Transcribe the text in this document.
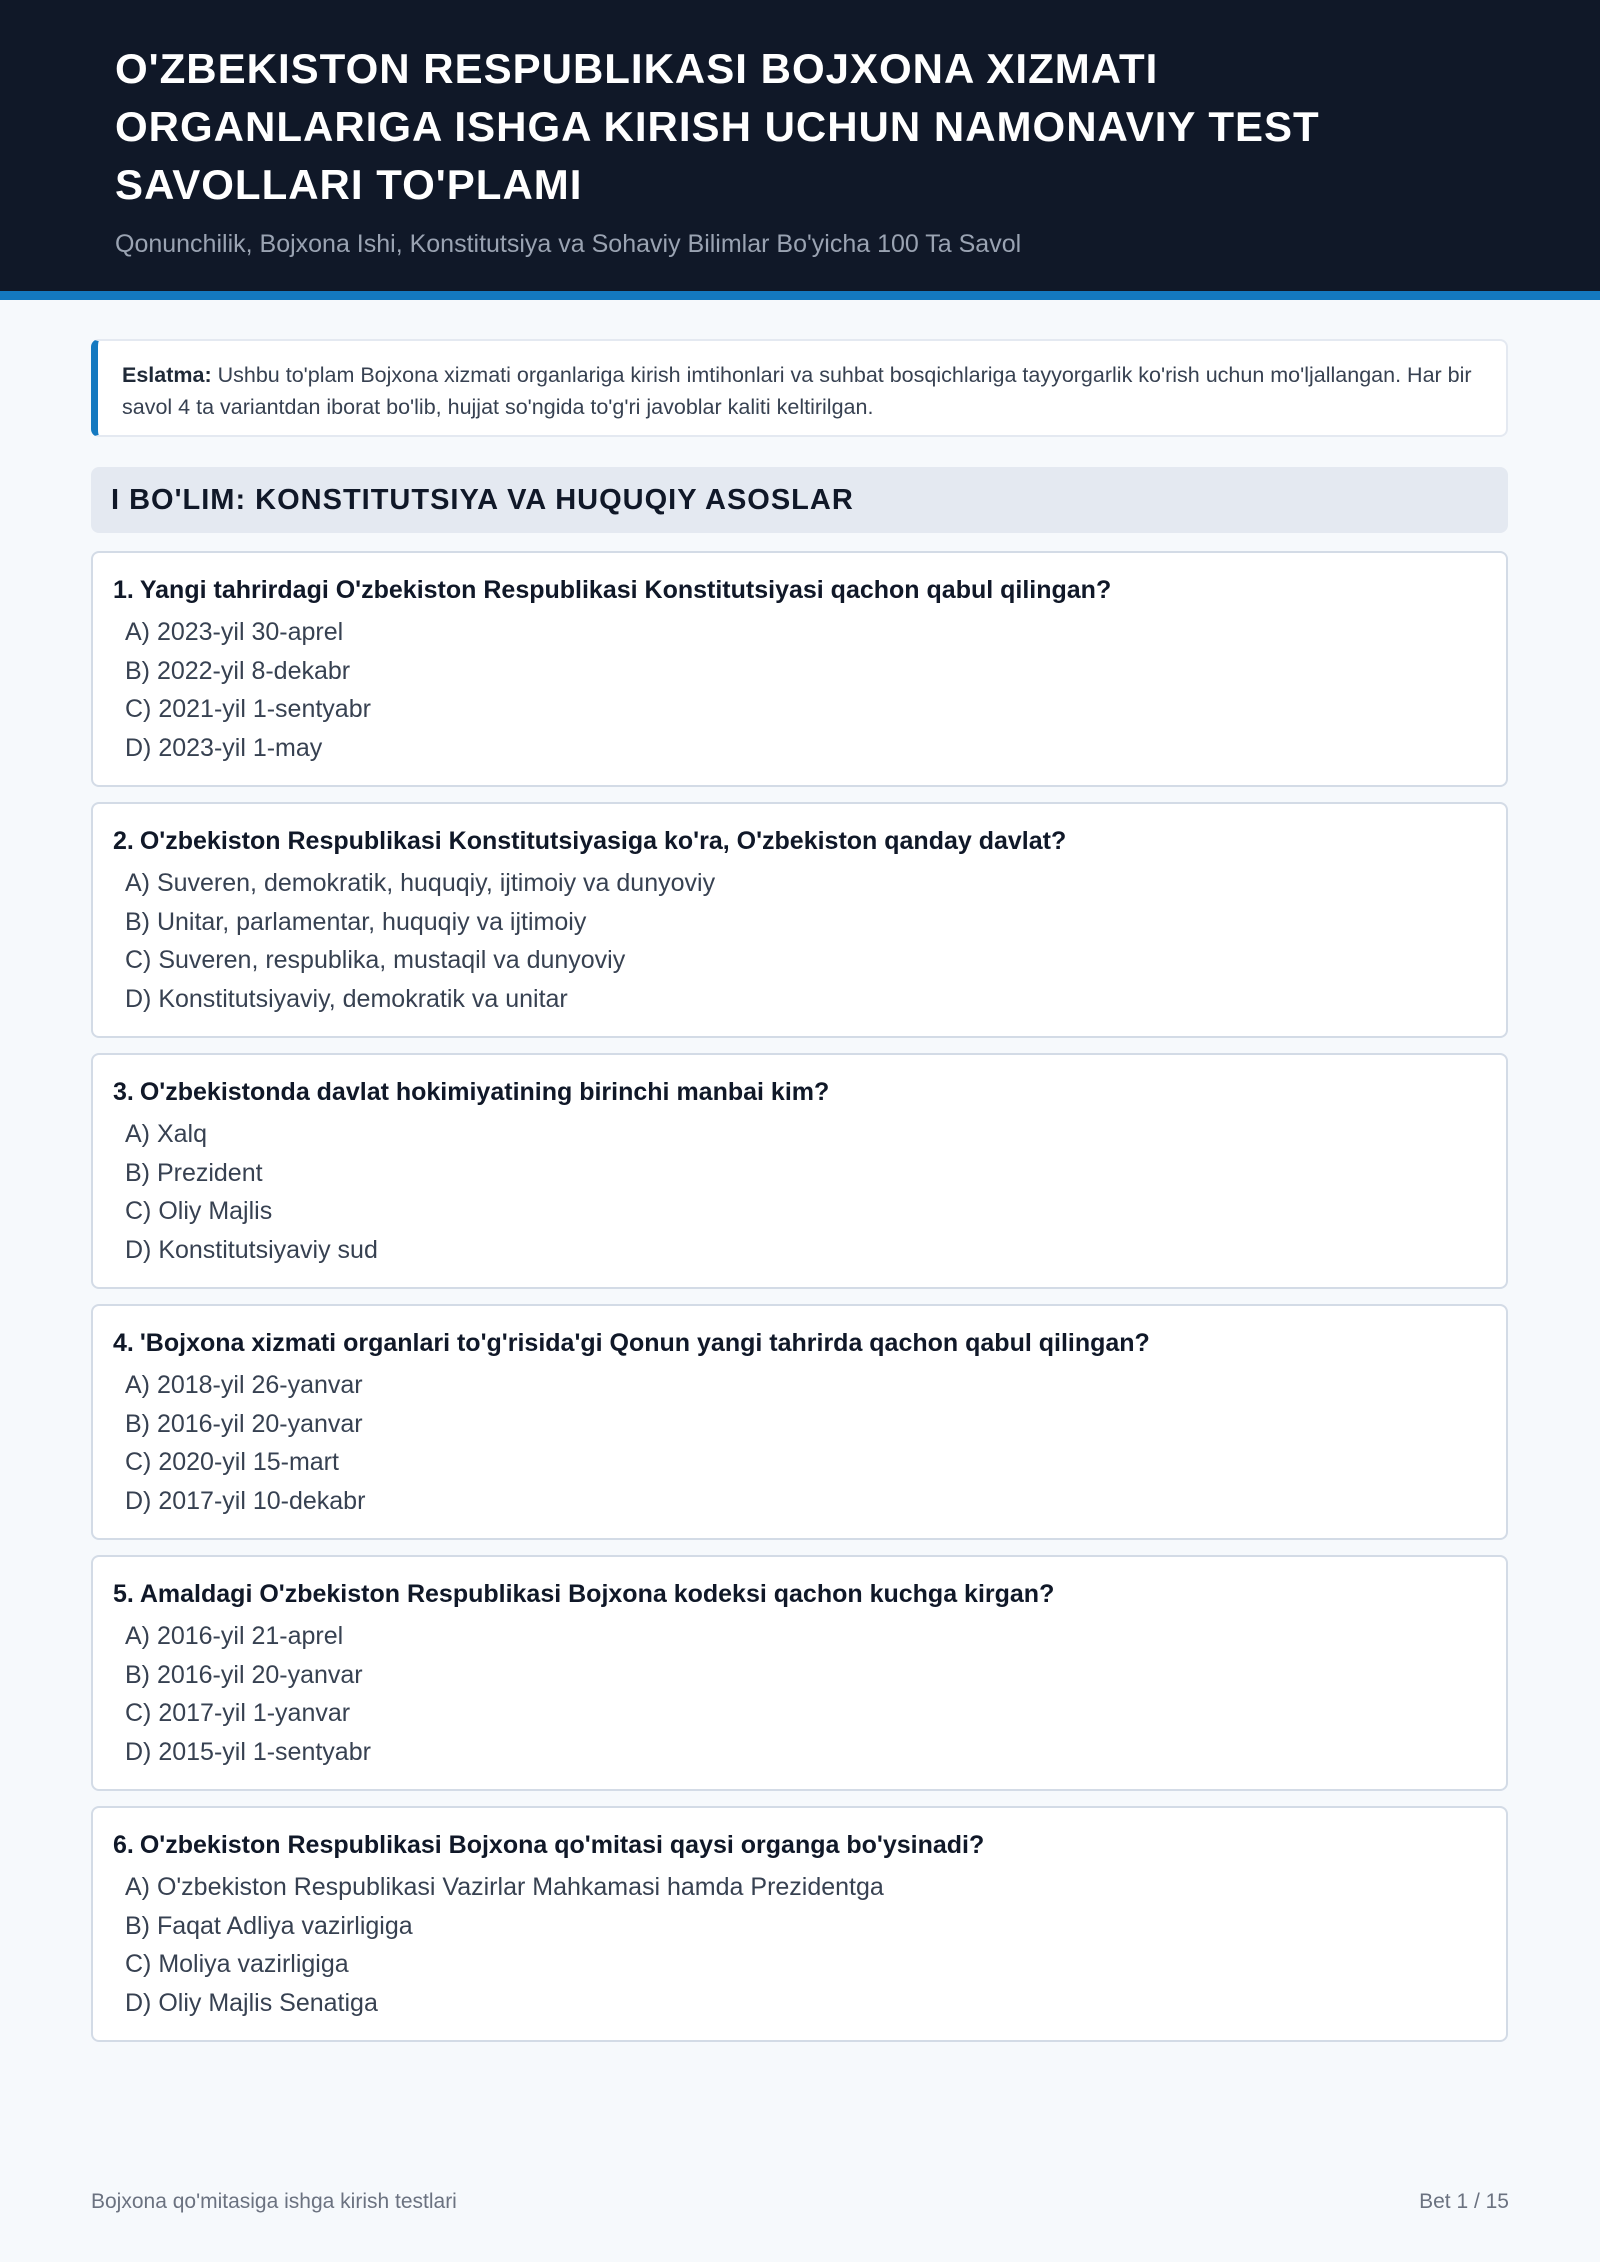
O'ZBEKISTON RESPUBLIKASI BOJXONA XIZMATI ORGANLARIGA ISHGA KIRISH UCHUN NAMONAVIY TEST SAVOLLARI TO'PLAMI
Qonunchilik, Bojxona Ishi, Konstitutsiya va Sohaviy Bilimlar Bo'yicha 100 Ta Savol
Eslatma: Ushbu to'plam Bojxona xizmati organlariga kirish imtihonlari va suhbat bosqichlariga tayyorgarlik ko'rish uchun mo'ljallangan. Har bir savol 4 ta variantdan iborat bo'lib, hujjat so'ngida to'g'ri javoblar kaliti keltirilgan.
I BO'LIM: KONSTITUTSIYA VA HUQUQIY ASOSLAR
1. Yangi tahrirdagi O'zbekiston Respublikasi Konstitutsiyasi qachon qabul qilingan?
A) 2023-yil 30-aprel
B) 2022-yil 8-dekabr
C) 2021-yil 1-sentyabr
D) 2023-yil 1-may
2. O'zbekiston Respublikasi Konstitutsiyasiga ko'ra, O'zbekiston qanday davlat?
A) Suveren, demokratik, huquqiy, ijtimoiy va dunyoviy
B) Unitar, parlamentar, huquqiy va ijtimoiy
C) Suveren, respublika, mustaqil va dunyoviy
D) Konstitutsiyaviy, demokratik va unitar
3. O'zbekistonda davlat hokimiyatining birinchi manbai kim?
A) Xalq
B) Prezident
C) Oliy Majlis
D) Konstitutsiyaviy sud
4. 'Bojxona xizmati organlari to'g'risida'gi Qonun yangi tahrirda qachon qabul qilingan?
A) 2018-yil 26-yanvar
B) 2016-yil 20-yanvar
C) 2020-yil 15-mart
D) 2017-yil 10-dekabr
5. Amaldagi O'zbekiston Respublikasi Bojxona kodeksi qachon kuchga kirgan?
A) 2016-yil 21-aprel
B) 2016-yil 20-yanvar
C) 2017-yil 1-yanvar
D) 2015-yil 1-sentyabr
6. O'zbekiston Respublikasi Bojxona qo'mitasi qaysi organga bo'ysinadi?
A) O'zbekiston Respublikasi Vazirlar Mahkamasi hamda Prezidentga
B) Faqat Adliya vazirligiga
C) Moliya vazirligiga
D) Oliy Majlis Senatiga
Bojxona qo'mitasiga ishga kirish testlari	Bet 1 / 15
